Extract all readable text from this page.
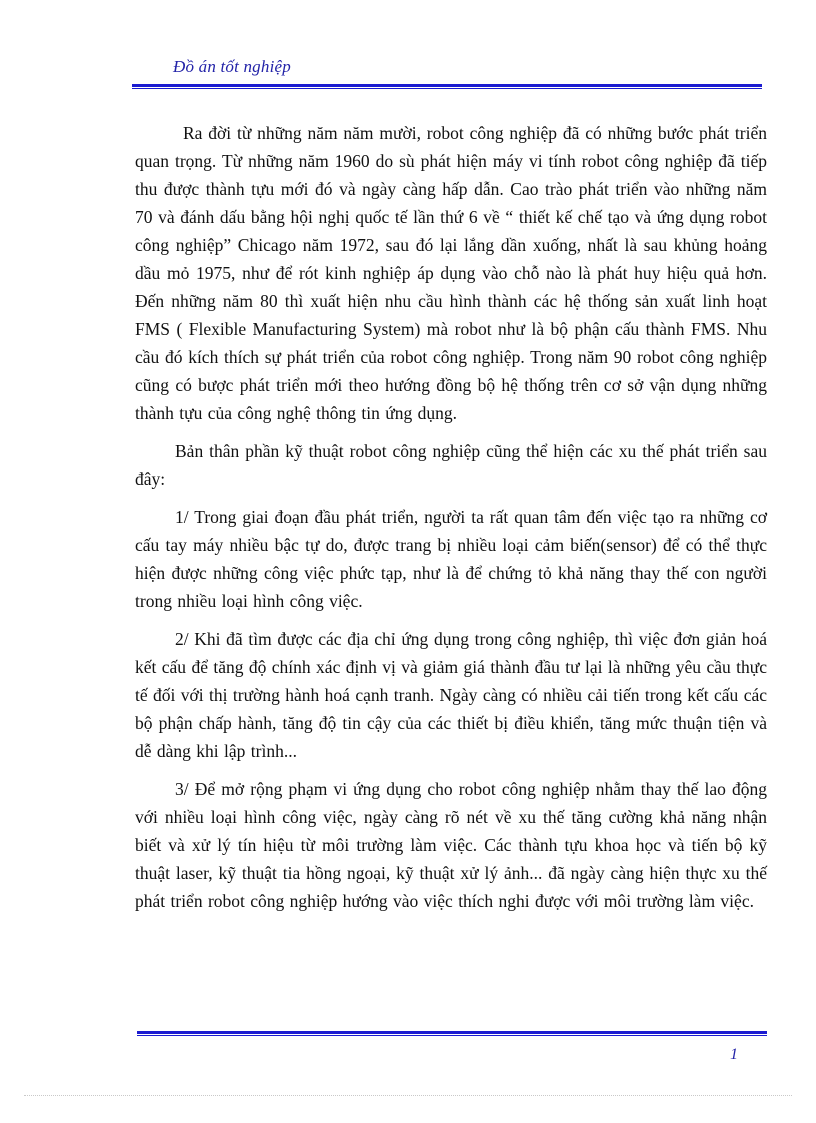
Đồ án tốt nghiệp

Ra đời từ những năm năm mười, robot công nghiệp đã có những bước phát triển quan trọng. Từ những năm 1960 do sù phát hiện máy vi tính robot công nghiệp đã tiếp thu được thành tựu mới đó và ngày càng hấp dẫn. Cao trào phát triển vào những năm 70 và đánh dấu bằng hội nghị quốc tế lần thứ 6 về “ thiết kế chế tạo và ứng dụng robot công nghiệp” Chicago năm 1972, sau đó lại lắng dần xuống, nhất là sau khủng hoảng dầu mỏ 1975, như để rót kinh nghiệp áp dụng vào chỗ nào là phát huy hiệu quả hơn. Đến những năm 80 thì xuất hiện nhu cầu hình thành các hệ thống sản xuất linh hoạt FMS ( Flexible Manufacturing System) mà robot như là bộ phận cấu thành FMS. Nhu cầu đó kích thích sự phát triển của robot công nghiệp. Trong năm 90 robot công nghiệp cũng có bược phát triển mới theo hướng đồng bộ hệ thống trên cơ sở vận dụng những thành tựu của công nghệ thông tin ứng dụng.

Bản thân phần kỹ thuật robot công nghiệp cũng thể hiện các xu thế phát triển sau đây:

1/ Trong giai đoạn đầu phát triển, người ta rất quan tâm đến việc tạo ra những cơ cấu tay máy nhiều bậc tự do, được trang bị nhiều loại cảm biến(sensor) để có thể thực hiện được những công việc phức tạp, như là để chứng tỏ khả năng thay thế con người trong nhiều loại hình công việc.

2/ Khi đã tìm được các địa chỉ ứng dụng trong công nghiệp, thì việc đơn giản hoá kết cấu để tăng độ chính xác định vị và giảm giá thành đầu tư lại là những yêu cầu thực tế đối với thị trường hành hoá cạnh tranh. Ngày càng có nhiều cải tiến trong kết cấu các bộ phận chấp hành, tăng độ tin cậy của các thiết bị điều khiển, tăng mức thuận tiện và dễ dàng khi lập trình...

3/ Để mở rộng phạm vi ứng dụng cho robot công nghiệp nhằm thay thế lao động với nhiều loại hình công việc, ngày càng rõ nét về xu thế tăng cường khả năng nhận biết và xử lý tín hiệu từ môi trường làm việc. Các thành tựu khoa học và tiến bộ kỹ thuật laser, kỹ thuật tia hồng ngoại, kỹ thuật xử lý ảnh... đã ngày càng hiện thực xu thế phát triển robot công nghiệp hướng vào việc thích nghi được với môi trường làm việc.

1
